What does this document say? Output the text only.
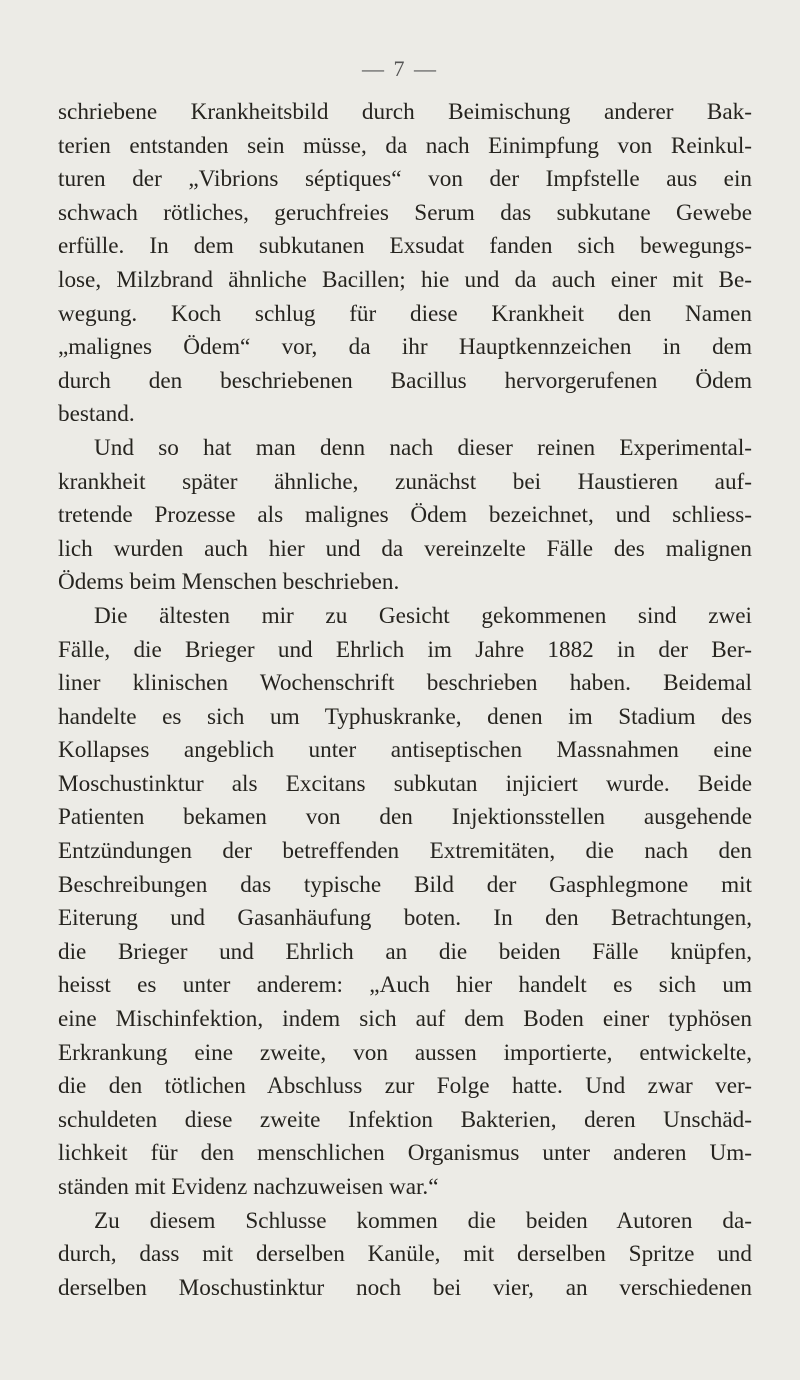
— 7 —
schriebene Krankheitsbild durch Beimischung anderer Bak-
terien entstanden sein müsse, da nach Einimpfung von Reinkul-
turen der „Vibrions séptiques“ von der Impfstelle aus ein
schwach rötliches, geruchfreies Serum das subkutane Gewebe
erfülle. In dem subkutanen Exsudat fanden sich bewegungs-
lose, Milzbrand ähnliche Bacillen; hie und da auch einer mit Be-
wegung. Koch schlug für diese Krankheit den Namen
„malignes Ödem“ vor, da ihr Hauptkennzeichen in dem
durch den beschriebenen Bacillus hervorgerufenen Ödem
bestand.
Und so hat man denn nach dieser reinen Experimental-
krankheit später ähnliche, zunächst bei Haustieren auf-
tretende Prozesse als malignes Ödem bezeichnet, und schliess-
lich wurden auch hier und da vereinzelte Fälle des malignen
Ödems beim Menschen beschrieben.
Die ältesten mir zu Gesicht gekommenen sind zwei
Fälle, die Brieger und Ehrlich im Jahre 1882 in der Ber-
liner klinischen Wochenschrift beschrieben haben. Beidemal
handelte es sich um Typhuskranke, denen im Stadium des
Kollapses angeblich unter antiseptischen Massnahmen eine
Moschustinktur als Excitans subkutan injiciert wurde. Beide
Patienten bekamen von den Injektionsstellen ausgehende
Entzündungen der betreffenden Extremitäten, die nach den
Beschreibungen das typische Bild der Gasphlegmone mit
Eiterung und Gasanhäufung boten. In den Betrachtungen,
die Brieger und Ehrlich an die beiden Fälle knüpfen,
heisst es unter anderem: „Auch hier handelt es sich um
eine Mischinfektion, indem sich auf dem Boden einer typhösen
Erkrankung eine zweite, von aussen importierte, entwickelte,
die den tötlichen Abschluss zur Folge hatte. Und zwar ver-
schuldeten diese zweite Infektion Bakterien, deren Unschäd-
lichkeit für den menschlichen Organismus unter anderen Um-
ständen mit Evidenz nachzuweisen war.“
Zu diesem Schlusse kommen die beiden Autoren da-
durch, dass mit derselben Kanüle, mit derselben Spritze und
derselben Moschustinktur noch bei vier, an verschiedenen
